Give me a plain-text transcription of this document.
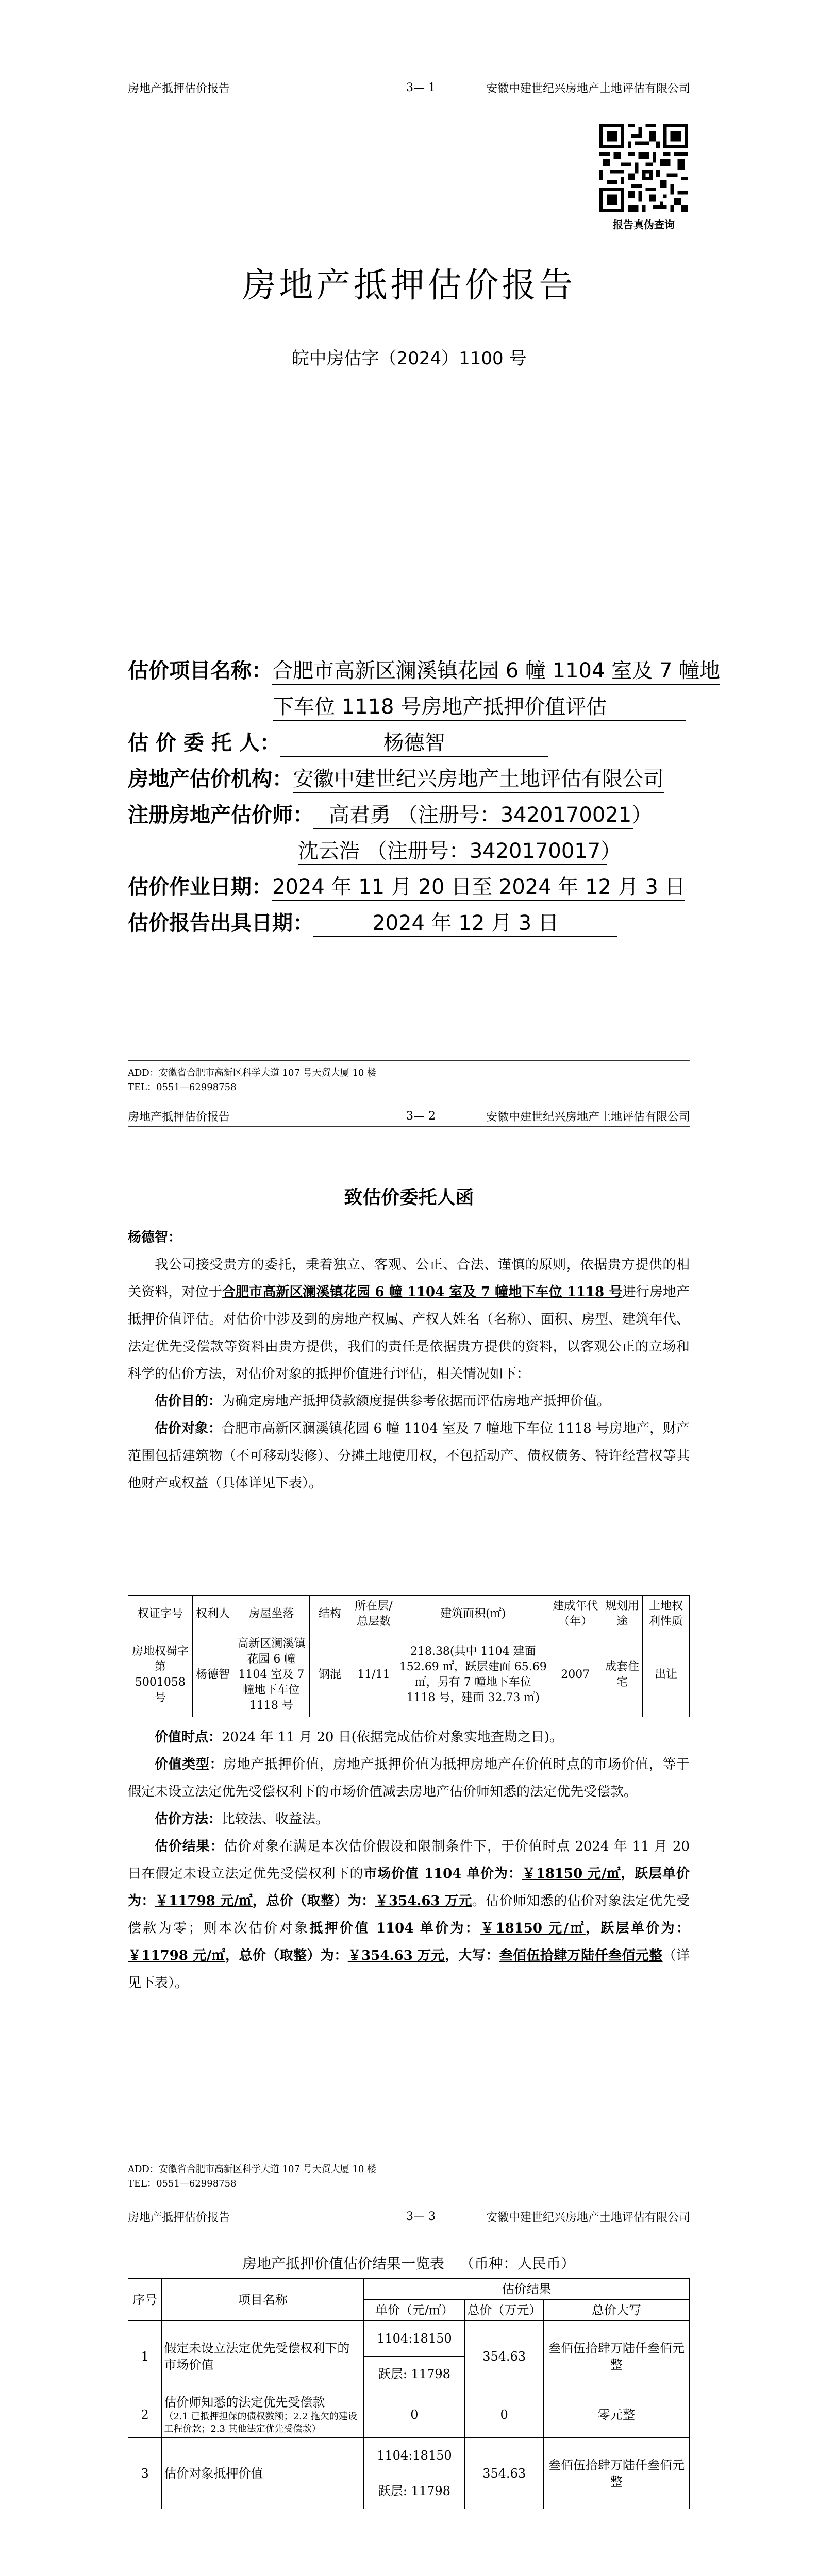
房地产抵押估价报告	3— 1	安徽中建世纪兴房地产土地评估有限公司
报告真伪查询
房地产抵押估价报告
皖中房估字（2024）1100 号
估价项目名称：合肥市高新区澜溪镇花园 6 幢 1104 室及 7 幢地
下车位 1118 号房地产抵押价值评估
估 价 委 托 人：	杨德智
房地产估价机构：安徽中建世纪兴房地产土地评估有限公司
注册房地产估价师： 高君勇 （注册号：3420170021）
沈云浩 （注册号：3420170017）
估价作业日期：2024 年 11 月 20 日至 2024 年 12 月 3 日
估价报告出具日期：	2024 年 12 月 3 日
ADD：安徽省合肥市高新区科学大道 107 号天贸大厦 10 楼
TEL：0551—62998758
房地产抵押估价报告	3— 2	安徽中建世纪兴房地产土地评估有限公司
致估价委托人函
杨德智：

我公司接受贵方的委托，秉着独立、客观、公正、合法、谨慎的原则，依据贵方提供的相关资料，对位于合肥市高新区澜溪镇花园 6 幢 1104 室及 7 幢地下车位 1118 号进行房地产抵押价值评估。对估价中涉及到的房地产权属、产权人姓名（名称）、面积、房型、建筑年代、法定优先受偿款等资料由贵方提供，我们的责任是依据贵方提供的资料，以客观公正的立场和科学的估价方法，对估价对象的抵押价值进行评估，相关情况如下：

估价目的：为确定房地产抵押贷款额度提供参考依据而评估房地产抵押价值。

估价对象：合肥市高新区澜溪镇花园 6 幢 1104 室及 7 幢地下车位 1118 号房地产，财产范围包括建筑物（不可移动装修）、分摊土地使用权，不包括动产、债权债务、特许经营权等其他财产或权益（具体详见下表）。

权证字号	权利人	房屋坐落	结构	所在层/总层数	建筑面积(㎡)	建成年代（年）	规划用途	土地权利性质
房地权蜀字第5001058号	杨德智	高新区澜溪镇花园 6 幢 1104 室及 7 幢地下车位 1118 号	钢混	11/11	218.38(其中 1104 建面 152.69 ㎡，跃层建面 65.69 ㎡，另有 7 幢地下车位 1118 号，建面 32.73 ㎡)	2007	成套住宅	出让

价值时点：2024 年 11 月 20 日(依据完成估价对象实地查勘之日)。

价值类型：房地产抵押价值，房地产抵押价值为抵押房地产在价值时点的市场价值，等于假定未设立法定优先受偿权利下的市场价值减去房地产估价师知悉的法定优先受偿款。

估价方法：比较法、收益法。

估价结果：估价对象在满足本次估价假设和限制条件下，于价值时点 2024 年 11 月 20 日在假定未设立法定优先受偿权利下的市场价值 1104 单价为：￥18150 元/㎡，跃层单价为：￥11798 元/㎡，总价（取整）为：￥354.63 万元。估价师知悉的估价对象法定优先受偿款为零；则本次估价对象抵押价值 1104 单价为：￥18150 元/㎡，跃层单价为：￥11798 元/㎡，总价（取整）为：￥354.63 万元，大写：叁佰伍拾肆万陆仟叁佰元整（详见下表）。

ADD：安徽省合肥市高新区科学大道 107 号天贸大厦 10 楼
TEL：0551—62998758
房地产抵押估价报告	3— 3	安徽中建世纪兴房地产土地评估有限公司
房地产抵押价值估价结果一览表 （币种：人民币）
序号	项目名称	估价结果		
		单价（元/㎡）	总价（万元）	总价大写
1	假定未设立法定优先受偿权利下的市场价值	1104:18150	354.63	叁佰伍拾肆万陆仟叁佰元整
		跃层: 11798		
2	估价师知悉的法定优先受偿款
（2.1 已抵押担保的债权数额；2.2 拖欠的建设工程价款；2.3 其他法定优先受偿款）	0	0	零元整
3	估价对象抵押价值	1104:18150	354.63	叁佰伍拾肆万陆仟叁佰元整
		跃层: 11798		
